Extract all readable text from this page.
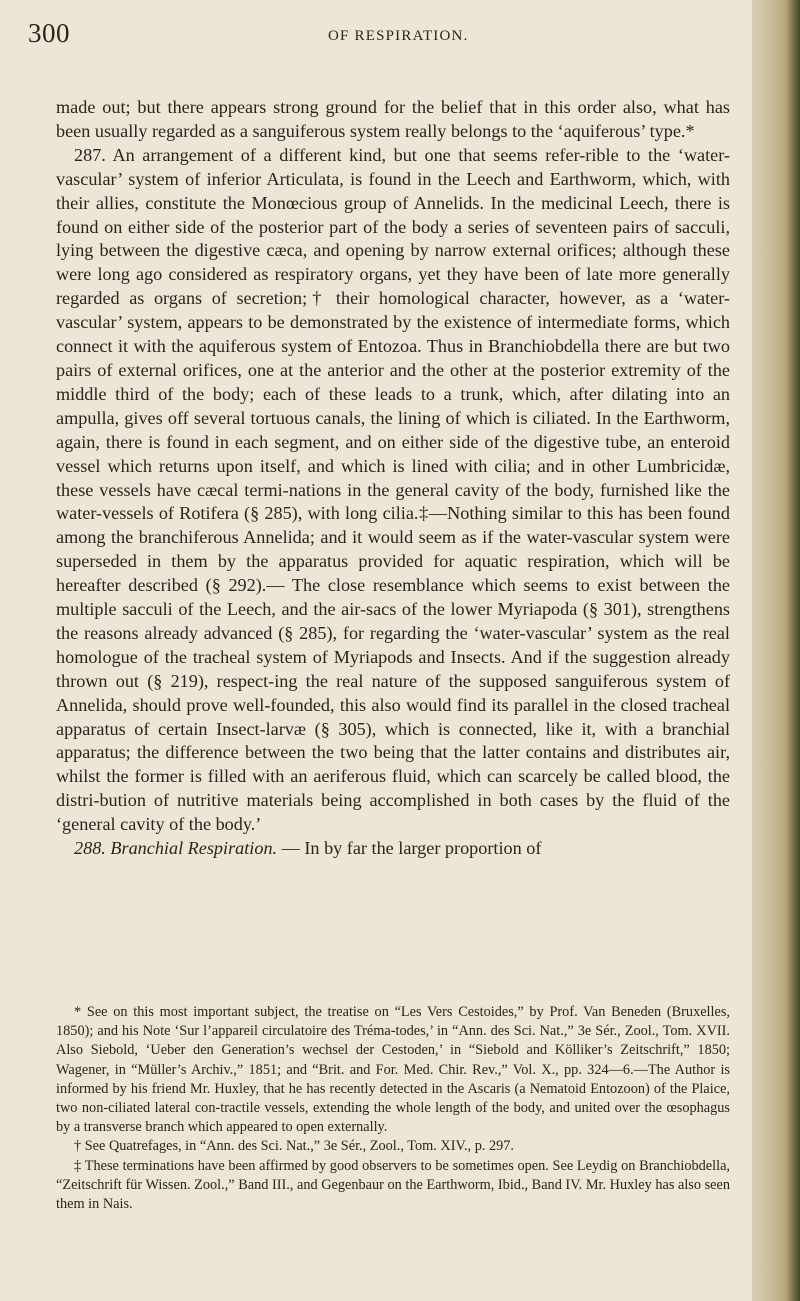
300	OF RESPIRATION.

made out; but there appears strong ground for the belief that in this order also, what has been usually regarded as a sanguiferous system really belongs to the ‘aquiferous’ type.*

287. An arrangement of a different kind, but one that seems refer-rible to the ‘water-vascular’ system of inferior Articulata, is found in the Leech and Earthworm, which, with their allies, constitute the Monœcious group of Annelids. In the medicinal Leech, there is found on either side of the posterior part of the body a series of seventeen pairs of sacculi, lying between the digestive cæca, and opening by narrow external orifices; although these were long ago considered as respiratory organs, yet they have been of late more generally regarded as organs of secretion;† their homological character, however, as a ‘water-vascular’ system, appears to be demonstrated by the existence of intermediate forms, which connect it with the aquiferous system of Entozoa. Thus in Branchiobdella there are but two pairs of external orifices, one at the anterior and the other at the posterior extremity of the middle third of the body; each of these leads to a trunk, which, after dilating into an ampulla, gives off several tortuous canals, the lining of which is ciliated. In the Earthworm, again, there is found in each segment, and on either side of the digestive tube, an enteroid vessel which returns upon itself, and which is lined with cilia; and in other Lumbricidæ, these vessels have cæcal termi-nations in the general cavity of the body, furnished like the water-vessels of Rotifera (§ 285), with long cilia.‡—Nothing similar to this has been found among the branchiferous Annelida; and it would seem as if the water-vascular system were superseded in them by the apparatus provided for aquatic respiration, which will be hereafter described (§ 292).— The close resemblance which seems to exist between the multiple sacculi of the Leech, and the air-sacs of the lower Myriapoda (§ 301), strengthens the reasons already advanced (§ 285), for regarding the ‘water-vascular’ system as the real homologue of the tracheal system of Myriapods and Insects. And if the suggestion already thrown out (§ 219), respect-ing the real nature of the supposed sanguiferous system of Annelida, should prove well-founded, this also would find its parallel in the closed tracheal apparatus of certain Insect-larvæ (§ 305), which is connected, like it, with a branchial apparatus; the difference between the two being that the latter contains and distributes air, whilst the former is filled with an aeriferous fluid, which can scarcely be called blood, the distri-bution of nutritive materials being accomplished in both cases by the fluid of the ‘general cavity of the body.’

288. Branchial Respiration. — In by far the larger proportion of

* See on this most important subject, the treatise on “Les Vers Cestoides,” by Prof. Van Beneden (Bruxelles, 1850); and his Note ‘Sur l’appareil circulatoire des Tréma-todes,’ in “Ann. des Sci. Nat.,” 3e Sér., Zool., Tom. XVII. Also Siebold, ‘Ueber den Generation’s wechsel der Cestoden,’ in “Siebold and Kölliker’s Zeitschrift,” 1850; Wagener, in “Müller’s Archiv.,” 1851; and “Brit. and For. Med. Chir. Rev.,” Vol. X., pp. 324—6.—The Author is informed by his friend Mr. Huxley, that he has recently detected in the Ascaris (a Nematoid Entozoon) of the Plaice, two non-ciliated lateral con-tractile vessels, extending the whole length of the body, and united over the œsophagus by a transverse branch which appeared to open externally.

† See Quatrefages, in “Ann. des Sci. Nat.,” 3e Sér., Zool., Tom. XIV., p. 297.

‡ These terminations have been affirmed by good observers to be sometimes open. See Leydig on Branchiobdella, “Zeitschrift für Wissen. Zool.,” Band III., and Gegenbaur on the Earthworm, Ibid., Band IV. Mr. Huxley has also seen them in Nais.
